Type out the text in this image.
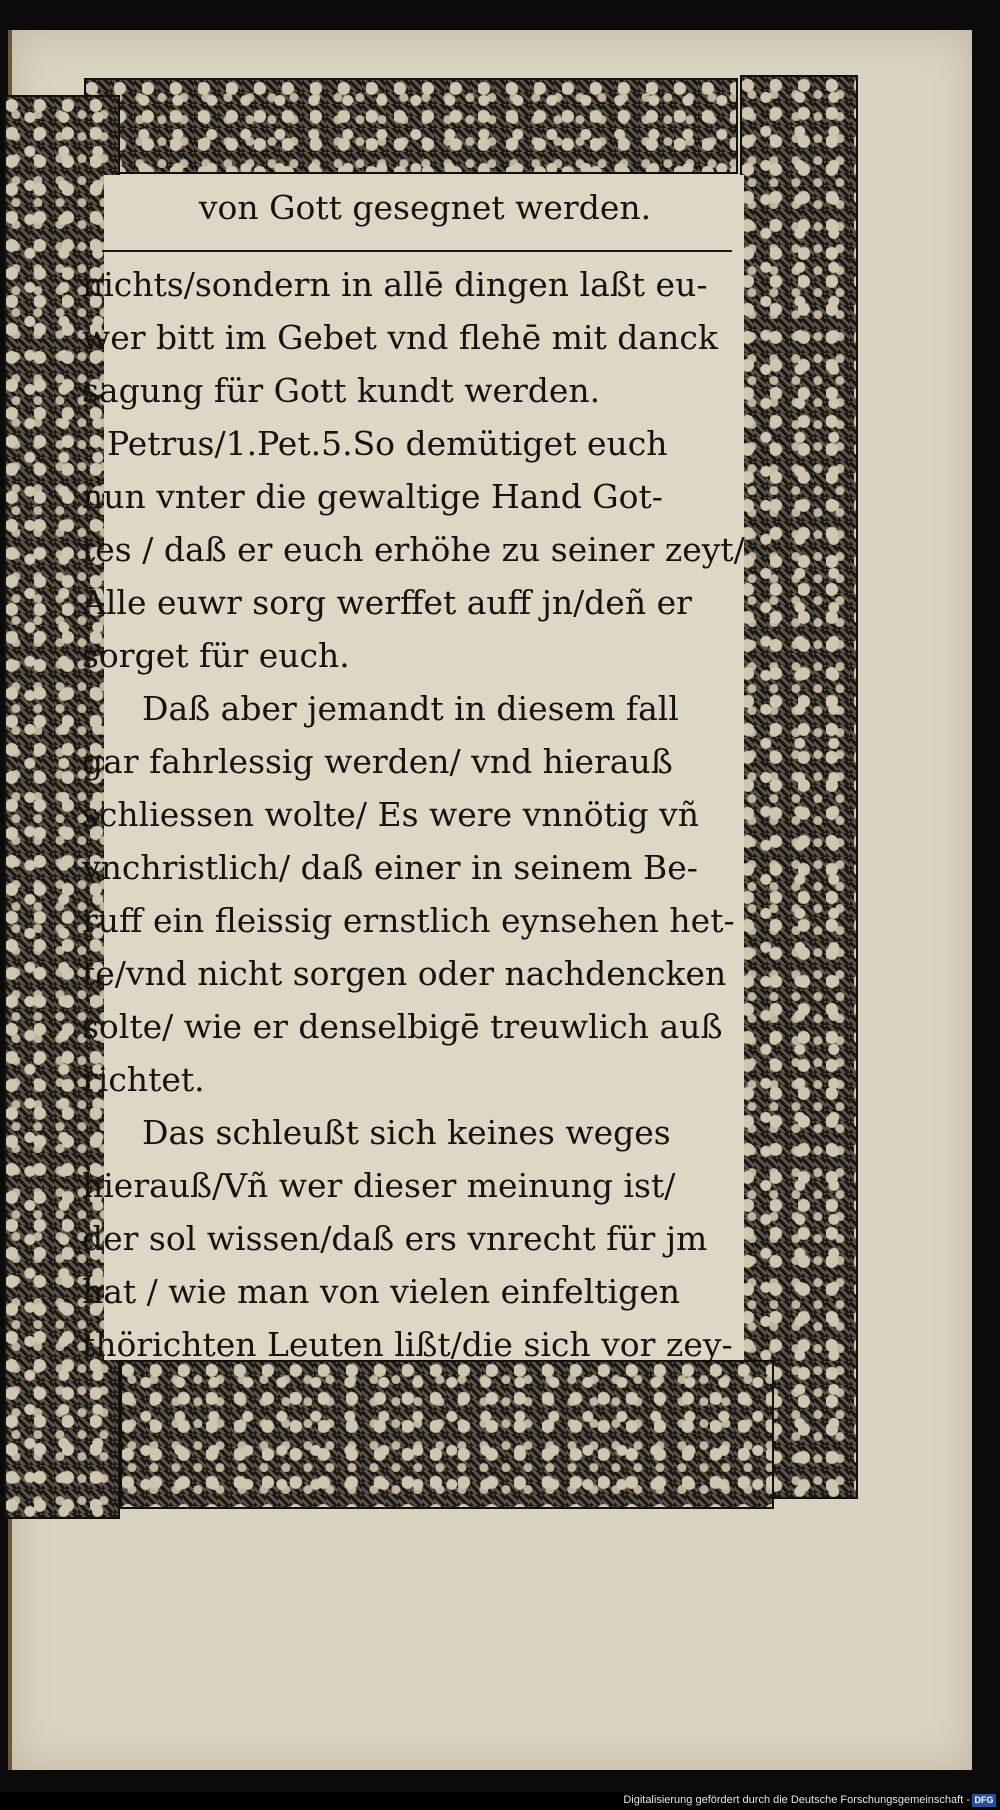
von Gott gesegnet werden.
nichts/sondern in allē dingen laßt eu-
wer bitt im Gebet vnd flehē mit danck
sagung für Gott kundt werden.
Petrus/1.Pet.5.So demütiget euch
nun vnter die gewaltige Hand Got-
tes / daß er euch erhöhe zu seiner zeyt/
Alle euwr sorg werffet auff jn/deñ er
sorget für euch.
Daß aber jemandt in diesem fall
gar fahrlessig werden/ vnd hierauß
schliessen wolte/ Es were vnnötig vñ
vnchristlich/ daß einer in seinem Be-
ruff ein fleissig ernstlich eynsehen het-
te/vnd nicht sorgen oder nachdencken
solte/ wie er denselbigē treuwlich auß
richtet.
Das schleußt sich keines weges
hierauß/Vñ wer dieser meinung ist/
der sol wissen/daß ers vnrecht für jm
hat / wie man von vielen einfeltigen
thörichten Leuten lißt/die sich vor zey-
Digitalisierung gefördert durch die Deutsche Forschungsgemeinschaft - DFG
